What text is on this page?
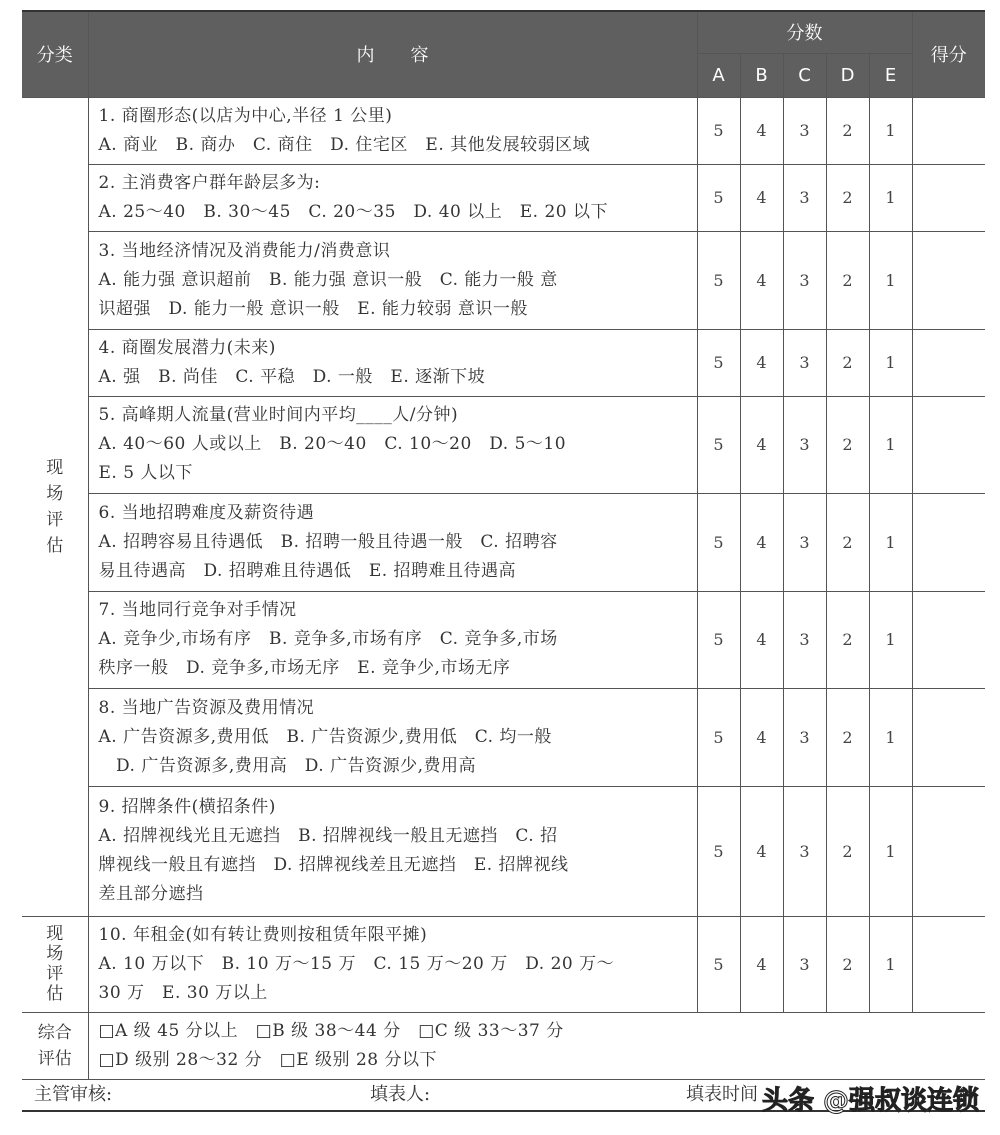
分类	内　　容	分数					得分
		A	B	C	D	E	
现
场
评
估	1. 商圈形态(以店为中心,半径 1 公里)
A. 商业　B. 商办　C. 商住　D. 住宅区　E. 其他发展较弱区域	5	4	3	2	1	

	2. 主消费客户群年龄层多为:
A. 25～40　B. 30～45　C. 20～35　D. 40 以上　E. 20 以下	5	4	3	2	1	

	3. 当地经济情况及消费能力/消费意识
A. 能力强 意识超前　B. 能力强 意识一般　C. 能力一般 意
识超强　D. 能力一般 意识一般　E. 能力较弱 意识一般	5	4	3	2	1	

	4. 商圈发展潜力(未来)
A. 强　B. 尚佳　C. 平稳　D. 一般　E. 逐渐下坡	5	4	3	2	1	

	5. 高峰期人流量(营业时间内平均____人/分钟)
A. 40～60 人或以上　B. 20～40　C. 10～20　D. 5～10
E. 5 人以下	5	4	3	2	1	

	6. 当地招聘难度及薪资待遇
A. 招聘容易且待遇低　B. 招聘一般且待遇一般　C. 招聘容
易且待遇高　D. 招聘难且待遇低　E. 招聘难且待遇高	5	4	3	2	1	

	7. 当地同行竞争对手情况
A. 竞争少,市场有序　B. 竞争多,市场有序　C. 竞争多,市场
秩序一般　D. 竞争多,市场无序　E. 竞争少,市场无序	5	4	3	2	1	

	8. 当地广告资源及费用情况
A. 广告资源多,费用低　B. 广告资源少,费用低　C. 均一般
　D. 广告资源多,费用高　D. 广告资源少,费用高	5	4	3	2	1	

	9. 招牌条件(横招条件)
A. 招牌视线光且无遮挡　B. 招牌视线一般且无遮挡　C. 招
牌视线一般且有遮挡　D. 招牌视线差且无遮挡　E. 招牌视线
差且部分遮挡	5	4	3	2	1	
现
场
评
估	10. 年租金(如有转让费则按租赁年限平摊)
A. 10 万以下　B. 10 万～15 万　C. 15 万～20 万　D. 20 万～
30 万　E. 30 万以上	5	4	3	2	1	
综合
评估	□A 级 45 分以上　□B 级 38～44 分　□C 级 33～37 分
□D 级别 28～32 分　□E 级别 28 分以下						
主管审核:	填表人:	填表时间 头条 @强叔谈连锁
